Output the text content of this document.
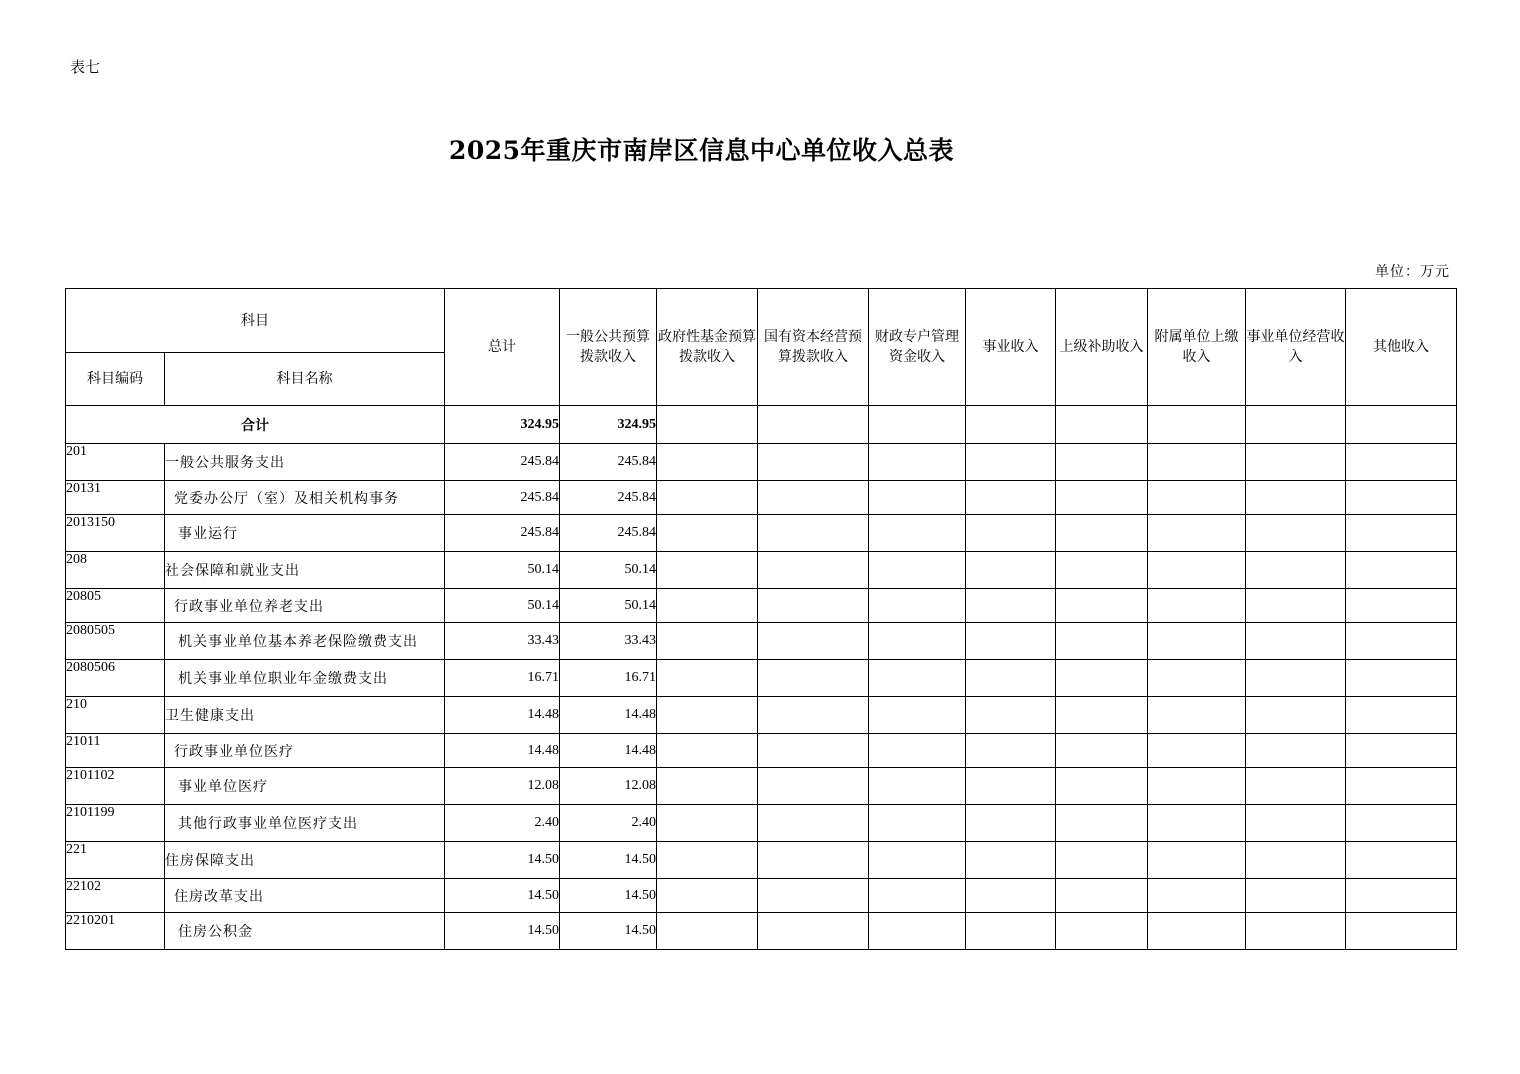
表七
2025年重庆市南岸区信息中心单位收入总表
单位：万元
科目		总计	一般公共预算拨款收入	政府性基金预算拨款收入	国有资本经营预算拨款收入	财政专户管理资金收入	事业收入	上级补助收入	附属单位上缴收入	事业单位经营收入	其他收入
科目编码	科目名称										
合计		324.95	324.95								
201	一般公共服务支出	245.84	245.84								
20131	党委办公厅（室）及相关机构事务	245.84	245.84								
2013150	事业运行	245.84	245.84								
208	社会保障和就业支出	50.14	50.14								
20805	行政事业单位养老支出	50.14	50.14								
2080505	机关事业单位基本养老保险缴费支出	33.43	33.43								
2080506	机关事业单位职业年金缴费支出	16.71	16.71								
210	卫生健康支出	14.48	14.48								
21011	行政事业单位医疗	14.48	14.48								
2101102	事业单位医疗	12.08	12.08								
2101199	其他行政事业单位医疗支出	2.40	2.40								
221	住房保障支出	14.50	14.50								
22102	住房改革支出	14.50	14.50								
2210201	住房公积金	14.50	14.50								
